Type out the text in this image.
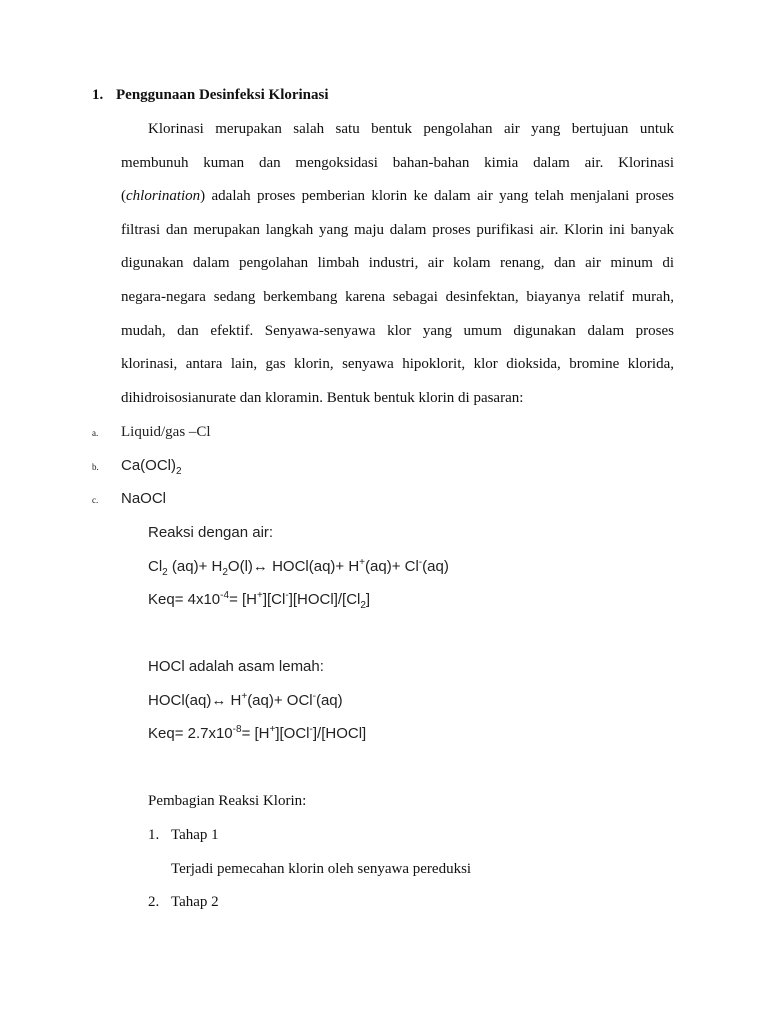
1. Penggunaan Desinfeksi Klorinasi
Klorinasi merupakan salah satu bentuk pengolahan air yang bertujuan untuk
membunuh kuman dan mengoksidasi bahan-bahan kimia dalam air. Klorinasi
(chlorination) adalah proses pemberian klorin ke dalam air yang telah menjalani proses
filtrasi dan merupakan langkah yang maju dalam proses purifikasi air. Klorin ini banyak
digunakan dalam pengolahan limbah industri, air kolam renang, dan air minum di
negara-negara sedang berkembang karena sebagai desinfektan, biayanya relatif murah,
mudah, dan efektif. Senyawa-senyawa klor yang umum digunakan dalam proses
klorinasi, antara lain, gas klorin, senyawa hipoklorit, klor dioksida, bromine klorida,
dihidroisosianurate dan kloramin. Bentuk bentuk klorin di pasaran:
a. Liquid/gas –Cl
b. $Ca(OCl)_2$
c. NaOCl
Reaksi dengan air:
$Cl_2$ $(aq)+ H_2O(l)\leftrightarrow$ HOCl(aq)+ H+(aq)+ Cl-(aq)
$Keq= 4x10^{-4}=$ $[H^+][Cl^-][HOCl]/[Cl_2]$
HOCl adalah asam lemah:
HOCl(aq)↔ H+(aq)+ OCl-(aq)
$Keq= 2.7x10^{-8}=$ [H+][OCl-]/[HOCl]
Pembagian Reaksi Klorin:
1. Tahap 1
Terjadi pemecahan klorin oleh senyawa pereduksi
2. Tahap 2
